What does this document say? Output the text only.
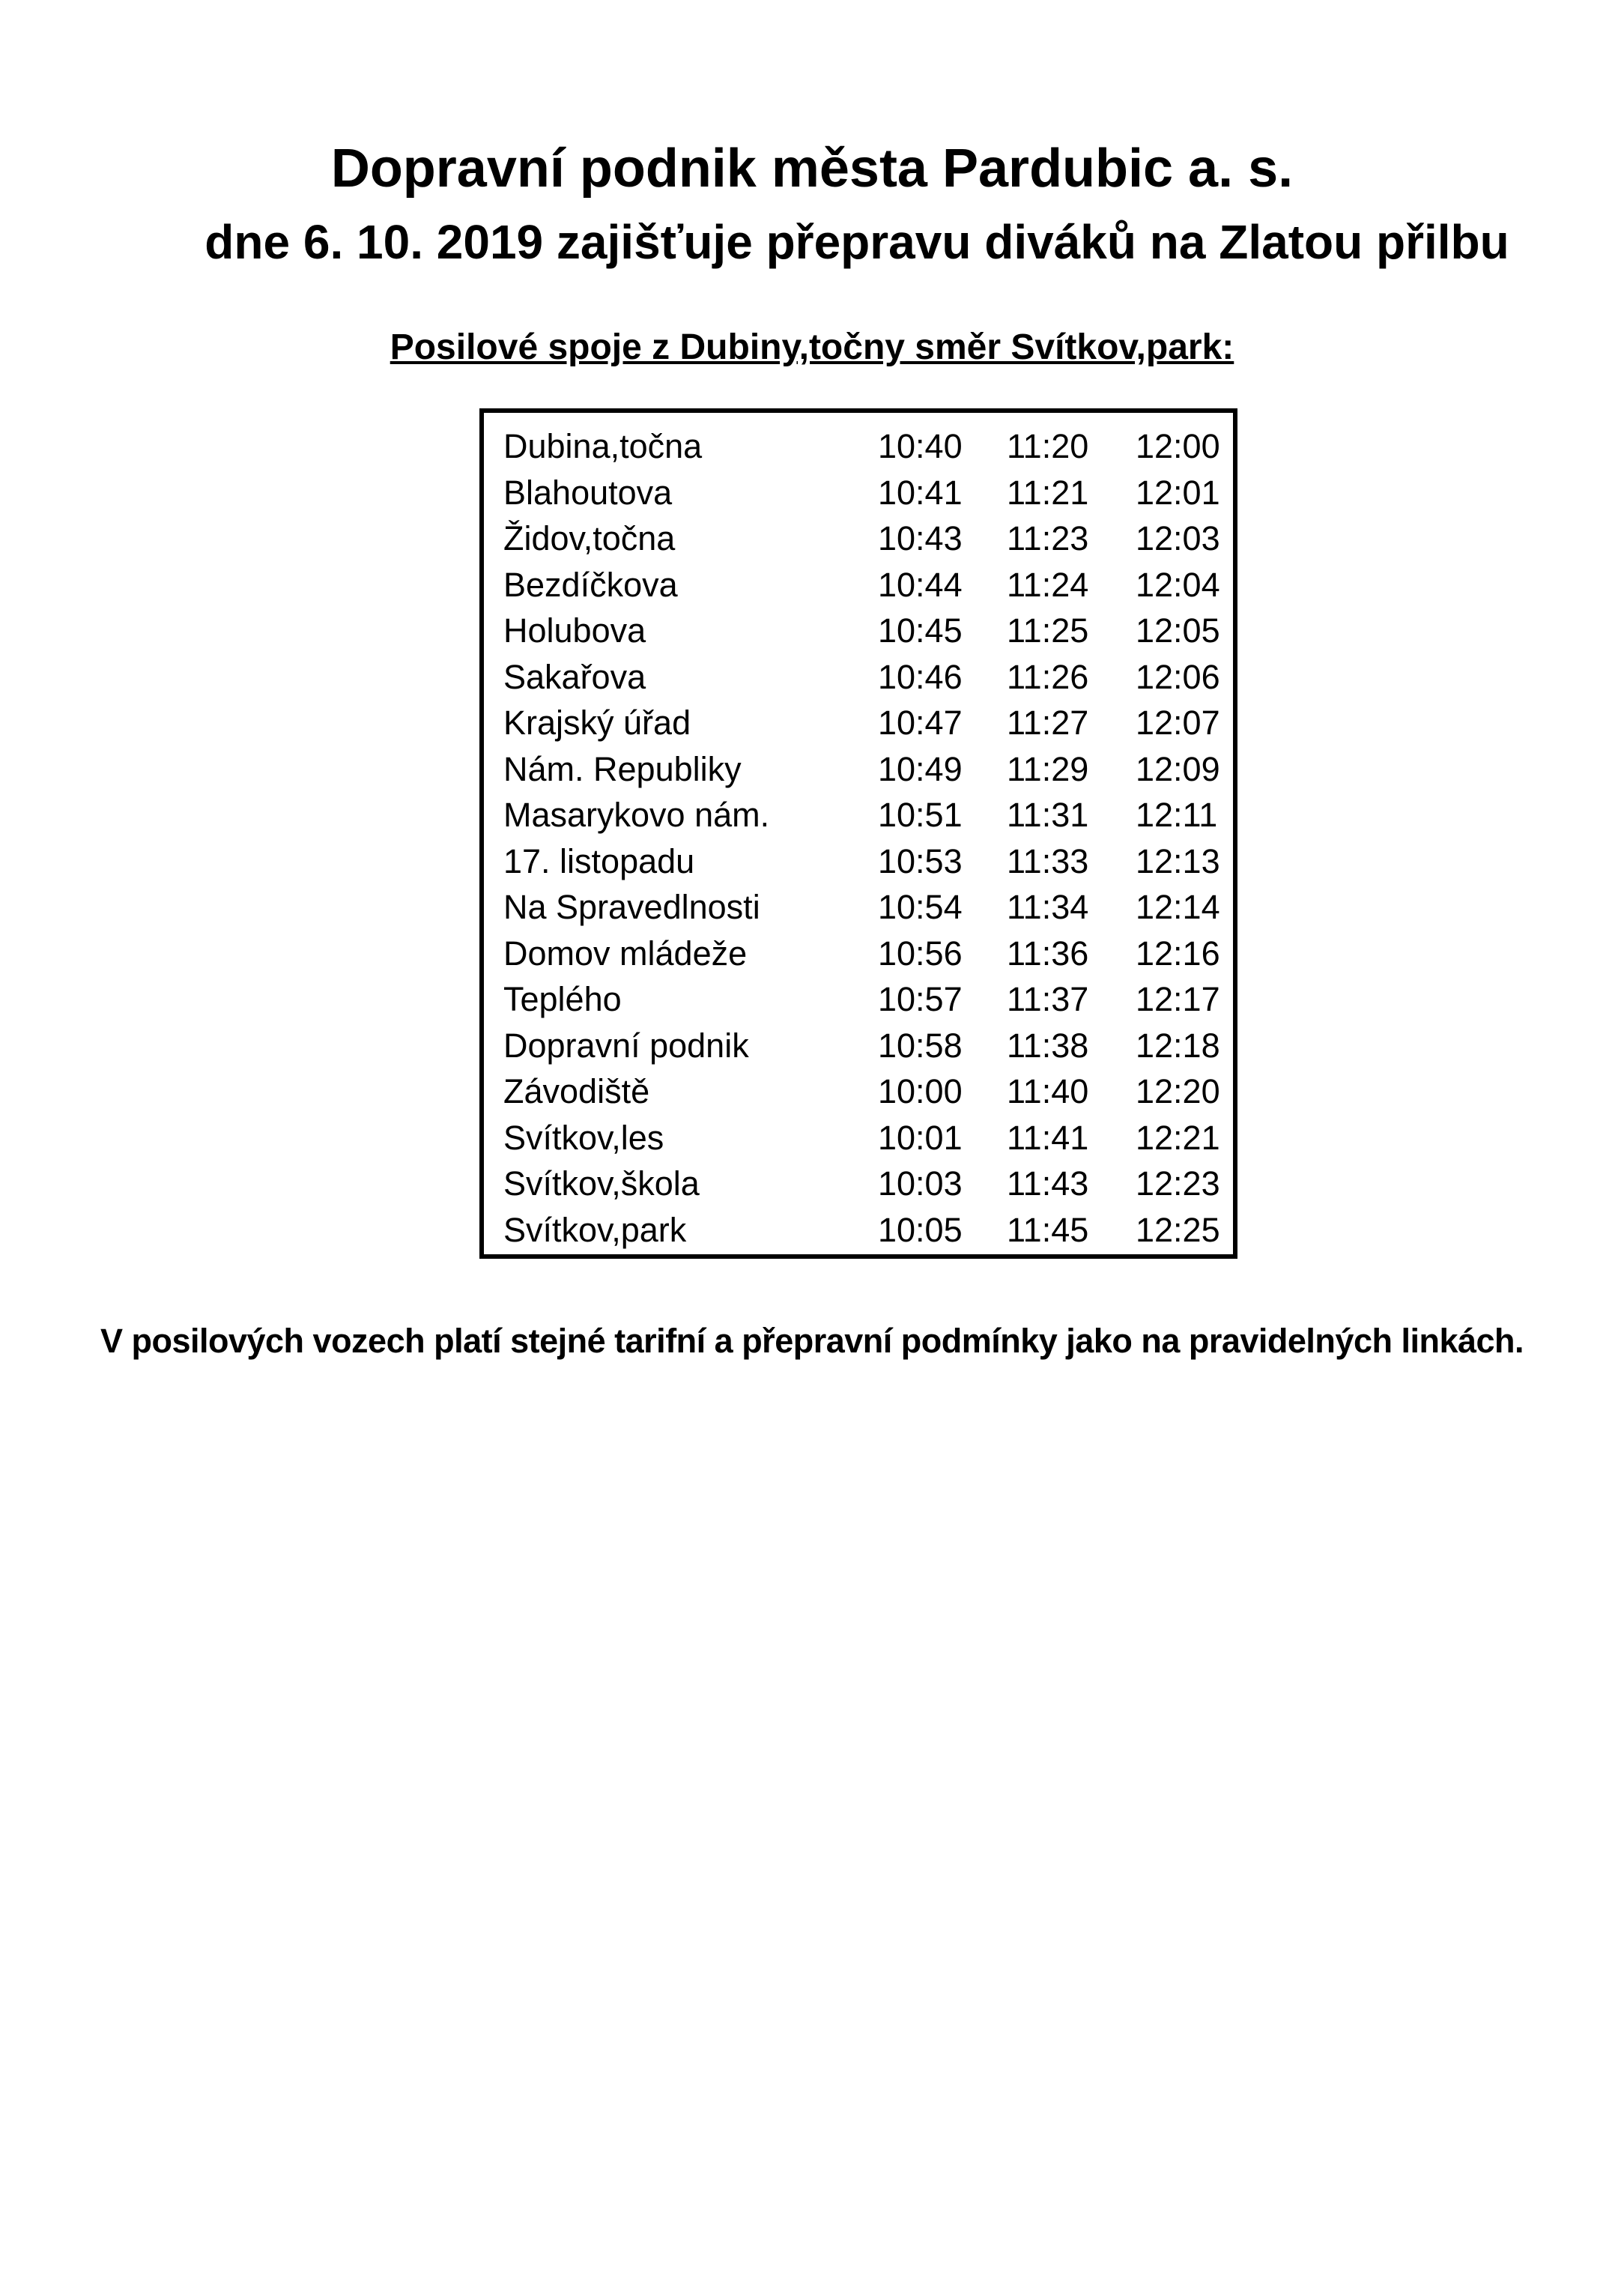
Dopravní podnik města Pardubic a. s.
dne 6. 10. 2019 zajišťuje přepravu diváků na Zlatou přilbu
Posilové spoje z Dubiny,točny směr Svítkov,park:
Dubina,točna	10:40 11:20 12:00
Blahoutova	10:41 11:21 12:01
Židov,točna	10:43 11:23 12:03
Bezdíčkova	10:44 11:24 12:04
Holubova	10:45 11:25 12:05
Sakařova	10:46 11:26 12:06
Krajský úřad	10:47 11:27 12:07
Nám. Republiky	10:49 11:29 12:09
Masarykovo nám.	10:51 11:31 12:11
17. listopadu	10:53 11:33 12:13
Na Spravedlnosti	10:54 11:34 12:14
Domov mládeže	10:56 11:36 12:16
Teplého	10:57 11:37 12:17
Dopravní podnik	10:58 11:38 12:18
Závodiště	10:00 11:40 12:20
Svítkov,les	10:01 11:41 12:21
Svítkov,škola	10:03 11:43 12:23
Svítkov,park	10:05 11:45 12:25
V posilových vozech platí stejné tarifní a přepravní podmínky jako na pravidelných linkách.
